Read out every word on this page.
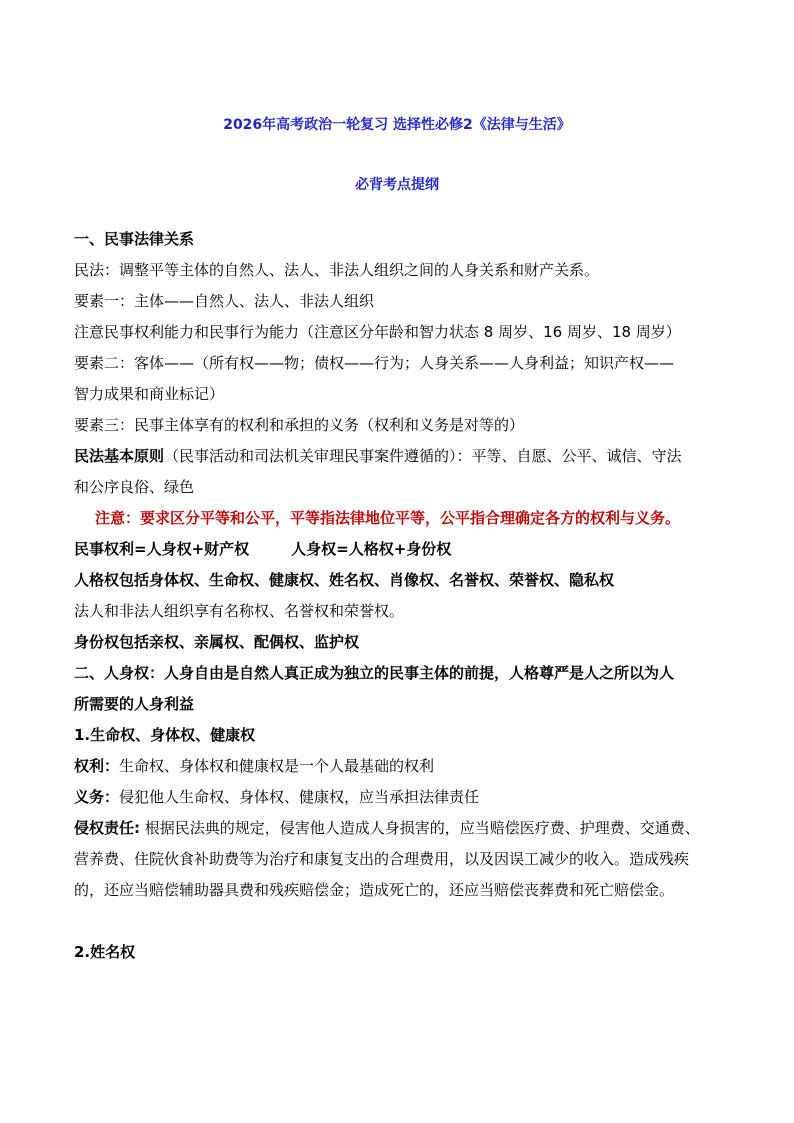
2026年高考政治一轮复习 选择性必修2《法律与生活》
必背考点提纲

一、民事法律关系

民法：调整平等主体的自然人、法人、非法人组织之间的人身关系和财产关系。

要素一：主体——自然人、法人、非法人组织

注意民事权利能力和民事行为能力（注意区分年龄和智力状态 8 周岁、16 周岁、18 周岁）

要素二：客体——（所有权——物；债权——行为；人身关系——人身利益；知识产权——

智力成果和商业标记）

要素三：民事主体享有的权利和承担的义务（权利和义务是对等的）

民法基本原则（民事活动和司法机关审理民事案件遵循的）：平等、自愿、公平、诚信、守法

和公序良俗、绿色

注意：要求区分平等和公平，平等指法律地位平等，公平指合理确定各方的权利与义务。

民事权利=人身权+财产权	人身权=人格权+身份权

人格权包括身体权、生命权、健康权、姓名权、肖像权、名誉权、荣誉权、隐私权

法人和非法人组织享有名称权、名誉权和荣誉权。

身份权包括亲权、亲属权、配偶权、监护权

二、人身权：人身自由是自然人真正成为独立的民事主体的前提，人格尊严是人之所以为人

所需要的人身利益

1.生命权、身体权、健康权

权利：生命权、身体权和健康权是一个人最基础的权利

义务：侵犯他人生命权、身体权、健康权，应当承担法律责任

侵权责任: 根据民法典的规定，侵害他人造成人身损害的，应当赔偿医疗费、护理费、交通费、

营养费、住院伙食补助费等为治疗和康复支出的合理费用，以及因误工减少的收入。造成残疾

的，还应当赔偿辅助器具费和残疾赔偿金；造成死亡的，还应当赔偿丧葬费和死亡赔偿金。

2.姓名权
